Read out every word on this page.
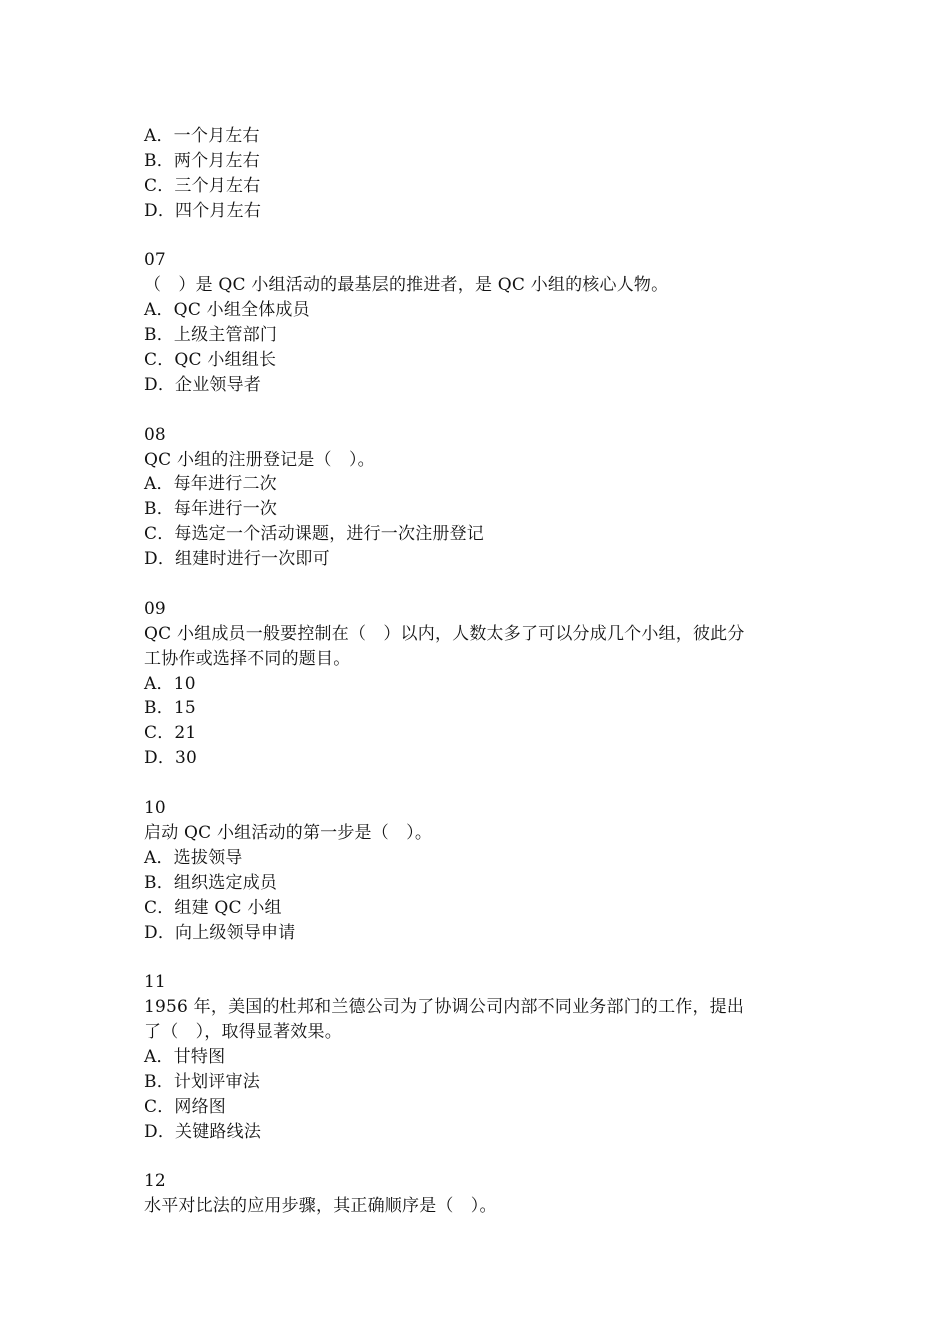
A．一个月左右
B．两个月左右
C．三个月左右
D．四个月左右
07
（　）是 QC 小组活动的最基层的推进者，是 QC 小组的核心人物。
A．QC 小组全体成员
B．上级主管部门
C．QC 小组组长
D．企业领导者
08
QC 小组的注册登记是（　）。
A．每年进行二次
B．每年进行一次
C．每选定一个活动课题，进行一次注册登记
D．组建时进行一次即可
09
QC 小组成员一般要控制在（　）以内，人数太多了可以分成几个小组，彼此分
工协作或选择不同的题目。
A．10
B．15
C．21
D．30
10
启动 QC 小组活动的第一步是（　）。
A．选拔领导
B．组织选定成员
C．组建 QC 小组
D．向上级领导申请
11
1956 年，美国的杜邦和兰德公司为了协调公司内部不同业务部门的工作，提出
了（　），取得显著效果。
A．甘特图
B．计划评审法
C．网络图
D．关键路线法
12
水平对比法的应用步骤，其正确顺序是（　）。
